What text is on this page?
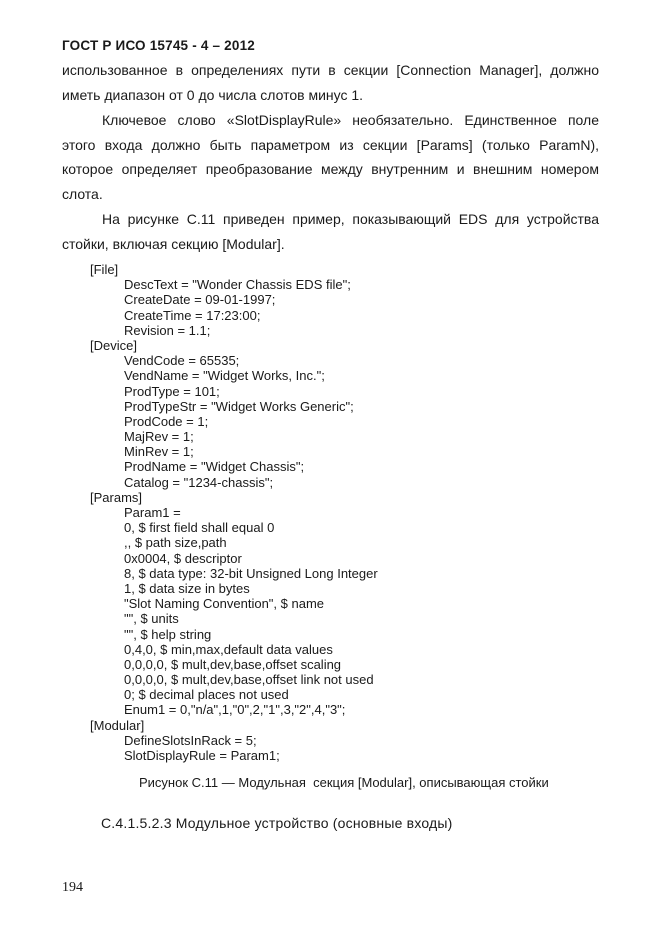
ГОСТ Р ИСО 15745 - 4 – 2012

использованное в определениях пути в секции [Connection Manager], должно иметь диапазон от 0 до числа слотов минус 1.

Ключевое слово «SlotDisplayRule» необязательно. Единственное поле этого входа должно быть параметром из секции [Params] (только ParamN), которое определяет преобразование между внутренним и внешним номером слота.

На рисунке С.11 приведен пример, показывающий EDS для устройства стойки, включая секцию [Modular].

[File]
DescText = "Wonder Chassis EDS file";
CreateDate = 09-01-1997;
CreateTime = 17:23:00;
Revision = 1.1;
[Device]
VendCode = 65535;
VendName = "Widget Works, Inc.";
ProdType = 101;
ProdTypeStr = "Widget Works Generic";
ProdCode = 1;
MajRev = 1;
MinRev = 1;
ProdName = "Widget Chassis";
Catalog = "1234-chassis";
[Params]
Param1 =
0, $ first field shall equal 0
,, $ path size,path
0x0004, $ descriptor
8, $ data type: 32-bit Unsigned Long Integer
1, $ data size in bytes
"Slot Naming Convention", $ name
"", $ units
"", $ help string
0,4,0, $ min,max,default data values
0,0,0,0, $ mult,dev,base,offset scaling
0,0,0,0, $ mult,dev,base,offset link not used
0; $ decimal places not used
Enum1 = 0,"n/a",1,"0",2,"1",3,"2",4,"3";
[Modular]
DefineSlotsInRack = 5;
SlotDisplayRule = Param1;
Рисунок С.11 — Модульная  секция [Modular], описывающая стойки
С.4.1.5.2.3 Модульное устройство (основные входы)
194
